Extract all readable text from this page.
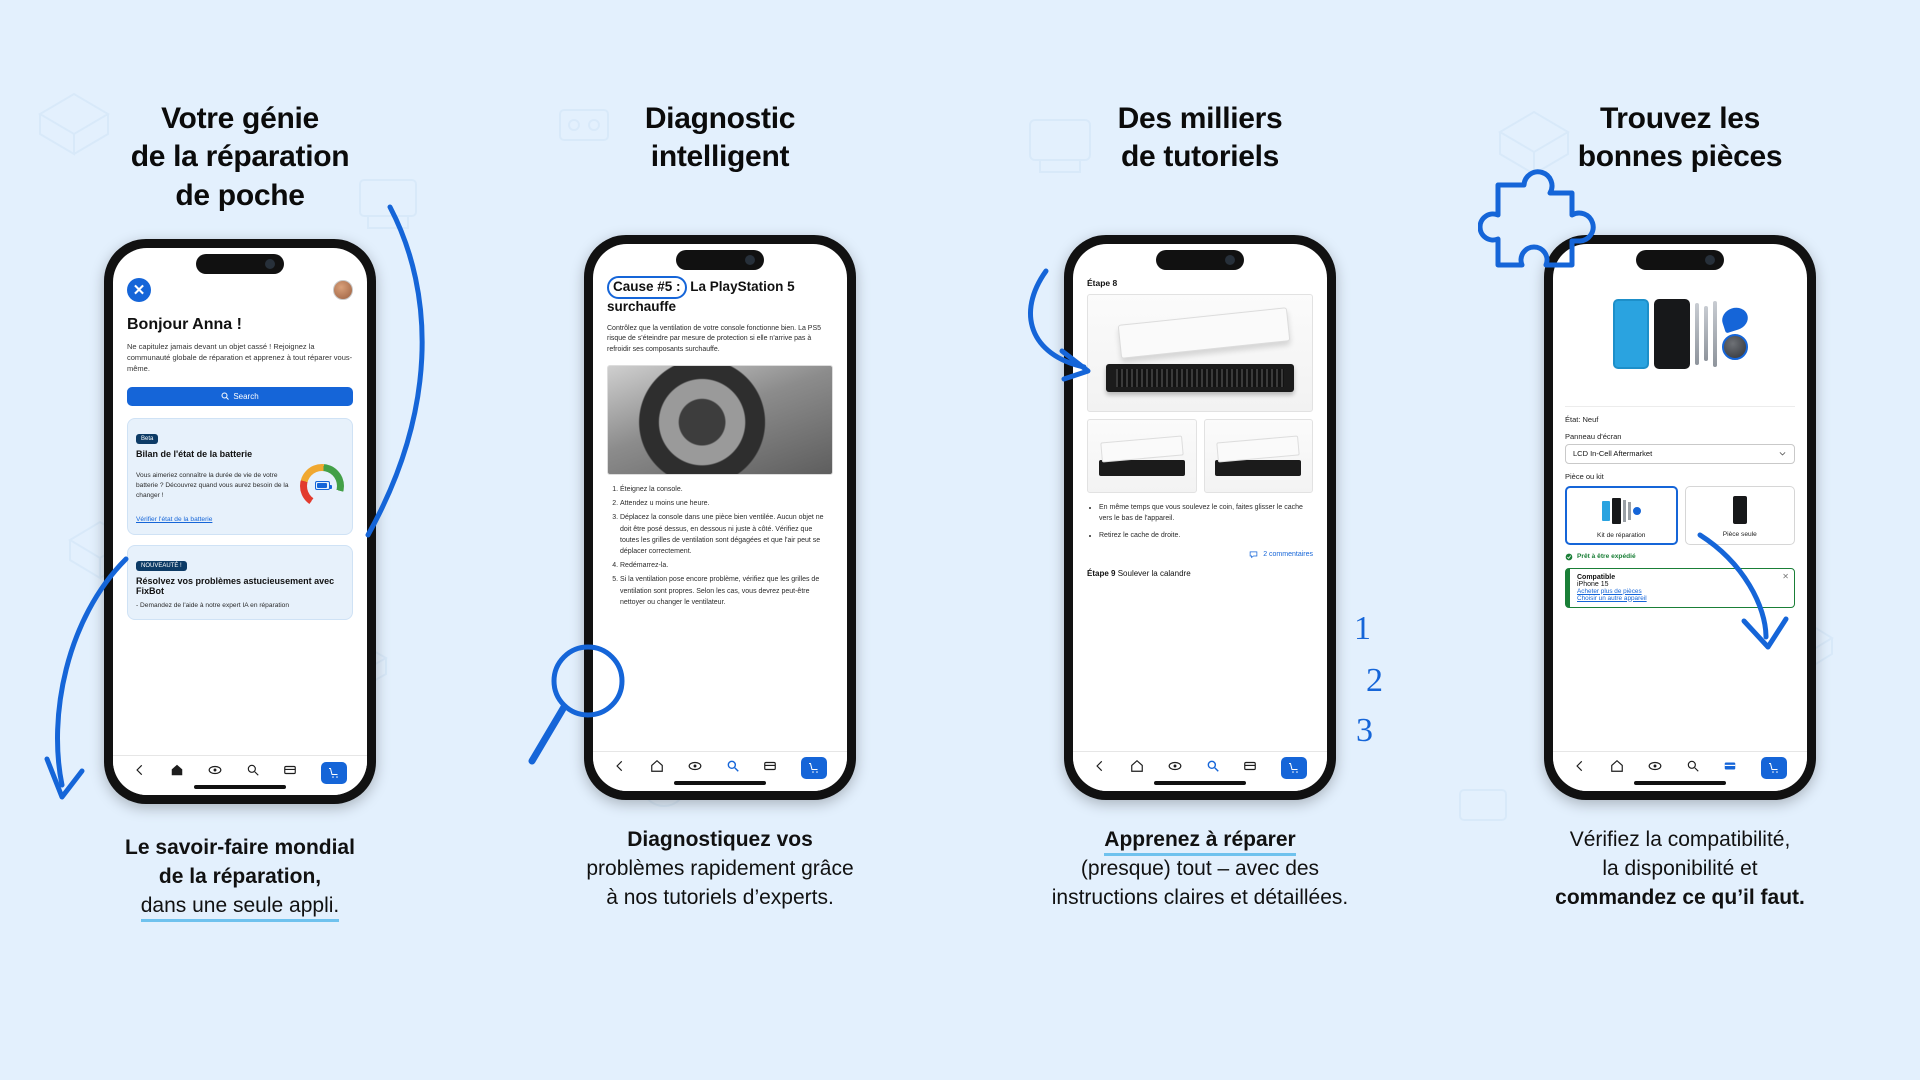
Votre génie
de la réparation
de poche
✕
Bonjour Anna !
Ne capitulez jamais devant un objet cassé ! Rejoignez la communauté globale de réparation et apprenez à tout réparer vous-même.
Search
Beta
Bilan de l'état de la batterie
Vous aimeriez connaître la durée de vie de votre batterie ? Découvrez quand vous aurez besoin de la changer !
Vérifier l'état de la batterie
NOUVEAUTÉ !
Résolvez vos problèmes astucieusement avec FixBot
- Demandez de l'aide à notre expert IA en réparation

Le savoir-faire mondial
de la réparation,
dans une seule appli.

Diagnostic
intelligent
Cause #5 : La PlayStation 5 surchauffe
Contrôlez que la ventilation de votre console fonctionne bien. La PS5 risque de s'éteindre par mesure de protection si elle n'arrive pas à refroidir ses composants surchauffe.
1. Éteignez la console.
2. Attendez u moins une heure.
3. Déplacez la console dans une pièce bien ventilée. Aucun objet ne doit être posé dessus, en dessous ni juste à côté. Vérifiez que toutes les grilles de ventilation sont dégagées et que l'air peut se déplacer correctement.
4. Redémarrez-la.
5. Si la ventilation pose encore problème, vérifiez que les grilles de ventilation sont propres. Selon les cas, vous devrez peut-être nettoyer ou changer le ventilateur.

Diagnostiquez vos
problèmes rapidement grâce
à nos tutoriels d’experts.

Des milliers
de tutoriels
Étape 8
• En même temps que vous soulevez le coin, faites glisser le cache vers le bas de l'appareil.
• Retirez le cache de droite.
2 commentaires
Étape 9 Soulever la calandre
1
2
3

Apprenez à réparer
(presque) tout – avec des
instructions claires et détaillées.

Trouvez les
bonnes pièces
État: Neuf
Panneau d'écran
LCD In-Cell Aftermarket
Pièce ou kit
Kit de réparation	Pièce seule
Prêt à être expédié
✕
Compatible
iPhone 15
Acheter plus de pièces
Choisir un autre appareil

Vérifiez la compatibilité,
la disponibilité et
commandez ce qu’il faut.
